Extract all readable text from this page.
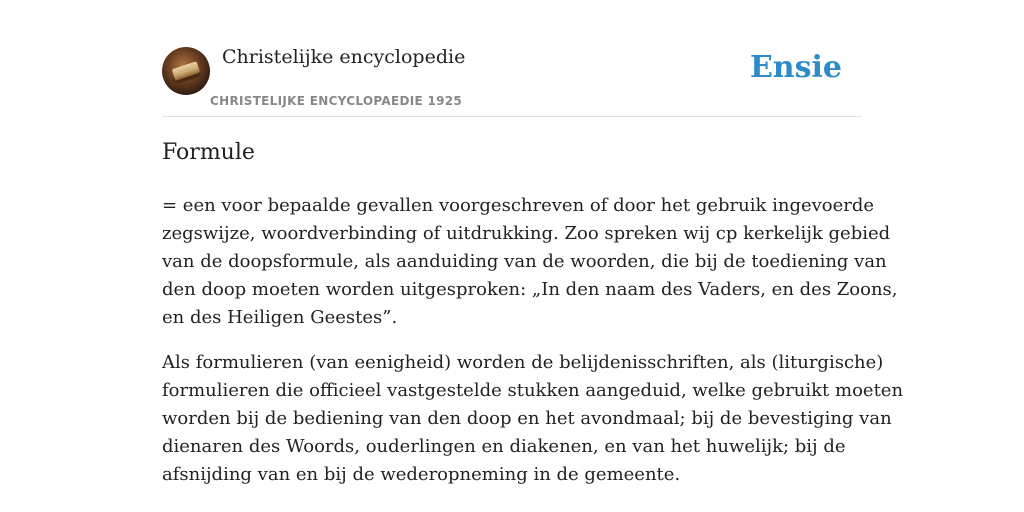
Christelijke encyclopedie
CHRISTELIJKE ENCYCLOPAEDIE 1925
Ensie
Formule

= een voor bepaalde gevallen voorgeschreven of door het gebruik ingevoerde
zegswijze, woordverbinding of uitdrukking. Zoo spreken wij cp kerkelijk gebied
van de doopsformule, als aanduiding van de woorden, die bij de toediening van
den doop moeten worden uitgesproken: „In den naam des Vaders, en des Zoons,
en des Heiligen Geestes”.

Als formulieren (van eenigheid) worden de belijdenisschriften, als (liturgische)
formulieren die officieel vastgestelde stukken aangeduid, welke gebruikt moeten
worden bij de bediening van den doop en het avondmaal; bij de bevestiging van
dienaren des Woords, ouderlingen en diakenen, en van het huwelijk; bij de
afsnijding van en bij de wederopneming in de gemeente.
